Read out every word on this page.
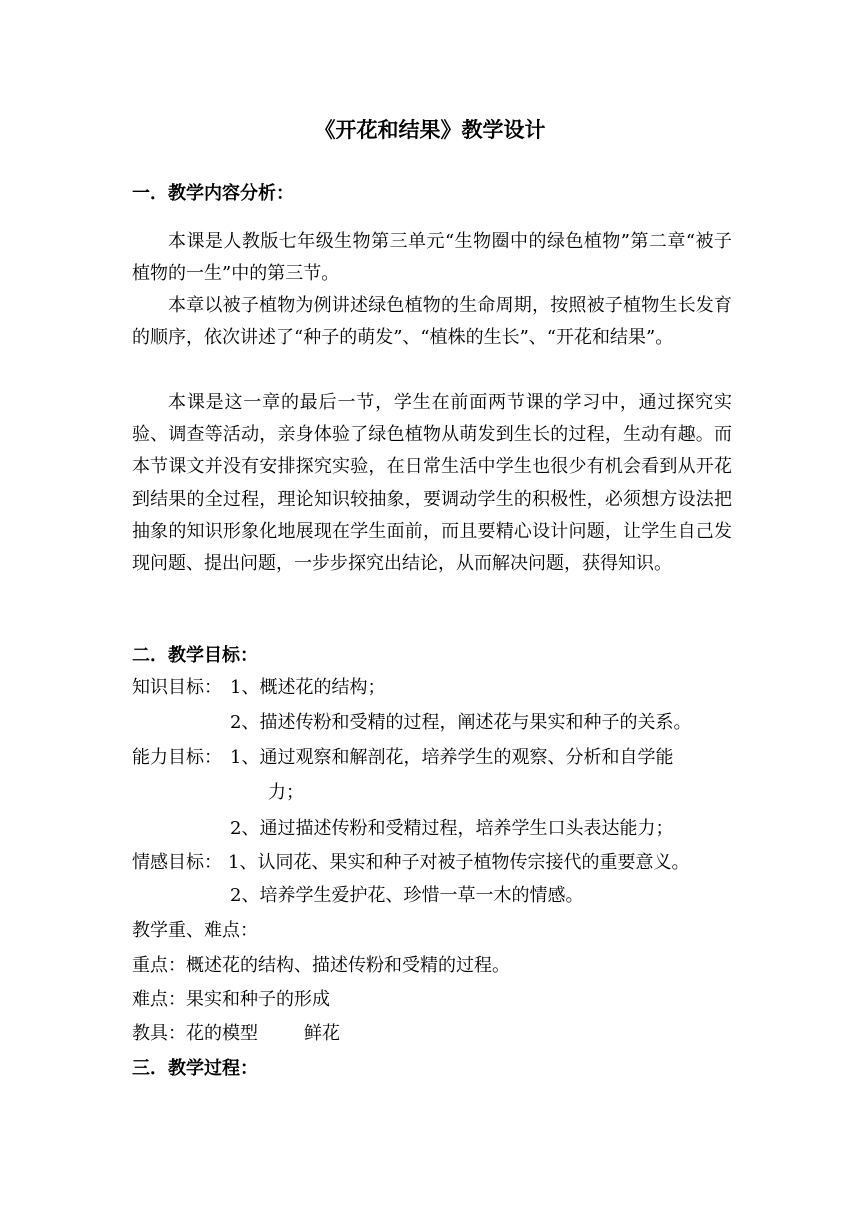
《开花和结果》教学设计
一．教学内容分析：

本课是人教版七年级生物第三单元“生物圈中的绿色植物”第二章“被子植物的一生”中的第三节。

本章以被子植物为例讲述绿色植物的生命周期，按照被子植物生长发育的顺序，依次讲述了“种子的萌发”、“植株的生长”、“开花和结果”。

本课是这一章的最后一节，学生在前面两节课的学习中，通过探究实验、调查等活动，亲身体验了绿色植物从萌发到生长的过程，生动有趣。而本节课文并没有安排探究实验，在日常生活中学生也很少有机会看到从开花到结果的全过程，理论知识较抽象，要调动学生的积极性，必须想方设法把抽象的知识形象化地展现在学生面前，而且要精心设计问题，让学生自己发现问题、提出问题，一步步探究出结论，从而解决问题，获得知识。

二．教学目标：
知识目标： 1、概述花的结构；
2、描述传粉和受精的过程，阐述花与果实和种子的关系。
能力目标： 1、通过观察和解剖花，培养学生的观察、分析和自学能
力；
2、通过描述传粉和受精过程，培养学生口头表达能力；
情感目标： 1、认同花、果实和种子对被子植物传宗接代的重要意义。
2、培养学生爱护花、珍惜一草一木的情感。
教学重、难点：
重点：概述花的结构、描述传粉和受精的过程。
难点：果实和种子的形成
教具：花的模型	鲜花
三．教学过程：
